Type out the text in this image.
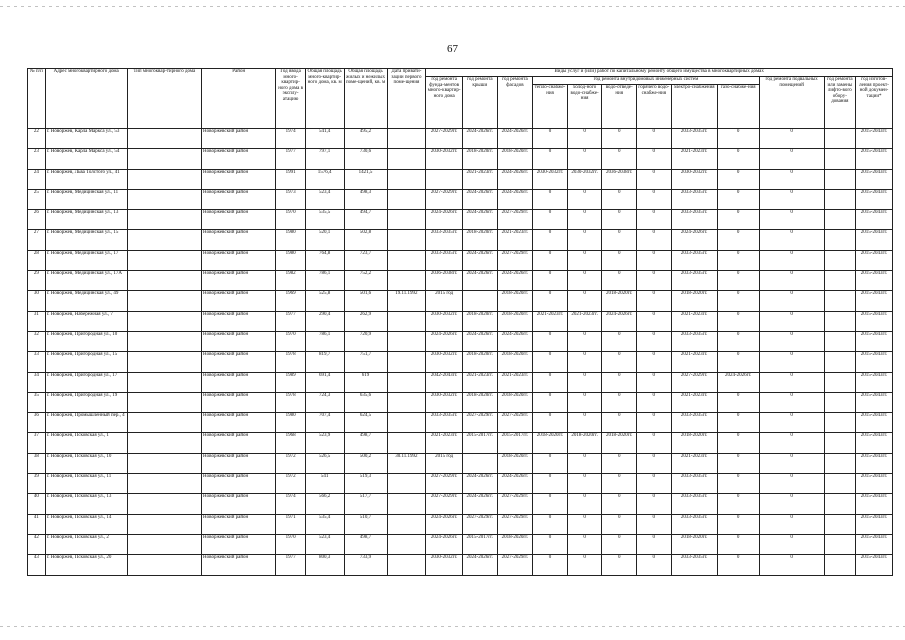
67
№ п/п	Адрес многоквартирного дома	Тип многоквар-тирного дома	Район	Год ввода много-квартир-ного дома в эксплу-атацию	Общая площадь много-квартир-ного дома, кв. м	Общая площадь жилых и нежилых поме-щений, кв. м	Дата привати-зации первого поме-щения	Виды услуг и (или) работ по капитальному ремонту общего имущества в многоквартирных домах											
								год ремонта фунда-ментов много-квартир-ного дома	год ремонта крыши	год ремонта фасадов	год ремонта внутридомовых инженерных систем						год ремонта подвальных помещений	год ремонта или замены лифто-вого обору-дования	год изготов-ления проект-ной докумен-тации*
											тепло-снабже-ния	холод-ного водо-снабже-ния	водо-отведе-ния	горячего водо-снабже-ния	электро-снабжения	газо-снабже-ния			
22	г. Новоржев, Карла Маркса ул., 53		Новоржевский район	1974	541,4	495,2		2027-2029гг.	2024-2026гг.	2024-2026гг.	0	0	0	0	2033-2035гг.	0	0		2015-2043гг.
23	г. Новоржев, Карла Маркса ул., 54		Новоржевский район	1977	797,1	730,6		2030-2032гг.	2018-2020гг.	2018-2020гг.	0	0	0	0	2021-2023гг.	0	0		2015-2043гг.
24	г. Новоржев, Льва Толстого ул., 41		Новоржевский район	1991	1576,4	1421,5			2021-2023гг.	2024-2026гг.	2030-2032гг.	2030-2032гг.	2036-2038гг.	0	2030-2032гг.	0	0		2015-2043гг.
25	г. Новоржев, Медицинская ул., 11		Новоржевский район	1973	523,4	498,3		2027-2029гг.	2024-2026гг.	2024-2026гг.	0	0	0	0	2033-2035гг.	0	0		2015-2043гг.
26	г. Новоржев, Медицинская ул., 13		Новоржевский район	1970	535,5	494,7		2024-2026гг.	2024-2026гг.	2027-2029гг.	0	0	0	0	2033-2035гг.	0	0		2015-2043гг.
27	г. Новоржев, Медицинская ул., 15		Новоржевский район	1980	520,1	502,8		2033-2035гг.	2018-2020гг.	2021-2023гг.	0	0	0	0	2024-2026гг.	0	0		2015-2043гг.
28	г. Новоржев, Медицинская ул., 17		Новоржевский район	1980	764,8	723,7		2033-2035гг.	2024-2026гг.	2027-2029гг.	0	0	0	0	2033-2035гг.	0	0		2015-2043гг.
29	г. Новоржев, Медицинская ул., 17А		Новоржевский район	1982	786,1	752,2		2036-2038гг.	2024-2026гг.	2024-2026гг.	0	0	0	0	2033-2035гг.	0	0		2015-2043гг.
30	г. Новоржев, Медицинская ул., 49		Новоржевский район	1969	525,8	501,6	19.11.1992	2015 год		2018-2020гг.	0	0	2018-2020гг.	0	2018-2020гг.	0	0		2015-2043гг.
31	г. Новоржев, Набережная ул., 7		Новоржевский район	1977	290,4	262,9		2030-2032гг.	2018-2020гг.	2018-2020гг.	2021-2023гг.	2021-2023гг.	2024-2026гг.	0	2021-2023гг.	0	0		2015-2043гг.
32	г. Новоржев, Пригородная ул., 10		Новоржевский район	1970	786,1	720,9		2024-2026гг.	2024-2026гг.	2024-2026гг.	0	0	0	0	2033-2035гг.	0	0		2015-2043гг.
33	г. Новоржев, Пригородная ул., 15		Новоржевский район	1978	819,7	751,7		2030-2032гг.	2018-2020гг.	2018-2020гг.	0	0	0	0	2021-2023гг.	0	0		2015-2043гг.
34	г. Новоржев, Пригородная ул., 17		Новоржевский район	1989	691,4	619		2042-2043гг.	2021-2023гг.	2021-2023гг.	0	0	0	0	2027-2029гг.	2024-2026гг.	0		2015-2043гг.
35	г. Новоржев, Пригородная ул., 19		Новоржевский район	1978	724,3	635,6		2030-2032гг.	2018-2020гг.	2018-2020гг.	0	0	0	0	2021-2023гг.	0	0		2015-2043гг.
36	г. Новоржев, Промышленный пер., 4		Новоржевский район	1980	707,4	624,5		2033-2035гг.	2027-2029гг.	2027-2029гг.	0	0	0	0	2033-2035гг.	0	0		2015-2043гг.
37	г. Новоржев, Псковская ул., 1		Новоржевский район	1968	523,9	498,7		2021-2023гг.	2015-2017гг.	2015-2017гг.	2018-2020гг.	2018-2020гг.	2018-2020гг.	0	2018-2020гг.	0	0		2015-2043гг.
38	г. Новоржев, Псковская ул., 10		Новоржевский район	1972	526,5	500,2	30.11.1992	2015 год		2018-2020гг.	0	0	0	0	2021-2023гг.	0	0		2015-2043гг.
39	г. Новоржев, Псковская ул., 11		Новоржевский район	1972	541	519,3		2027-2029гг.	2024-2026гг.	2024-2026гг.	0	0	0	0	2033-2035гг.	0	0		2015-2043гг.
40	г. Новоржев, Псковская ул., 13		Новоржевский район	1974	566,2	517,7		2027-2029гг.	2024-2026гг.	2027-2029гг.	0	0	0	0	2033-2035гг.	0	0		2015-2043гг.
41	г. Новоржев, Псковская ул., 14		Новоржевский район	1971	535,4	510,7		2024-2026гг.	2027-2029гг.	2027-2029гг.	0	0	0	0	2033-2035гг.	0	0		2015-2043гг.
42	г. Новоржев, Псковская ул., 2		Новоржевский район	1970	523,4	498,7		2024-2026гг.	2015-2017гг.	2018-2020гг.	0	0	0	0	2018-2020гг.	0	0		2015-2043гг.
43	г. Новоржев, Псковская ул., 20		Новоржевский район	1977	800,3	733,9		2030-2032гг.	2024-2026гг.	2027-2029гг.	0	0	0	0	2033-2035гг.	0	0		2015-2043гг.
